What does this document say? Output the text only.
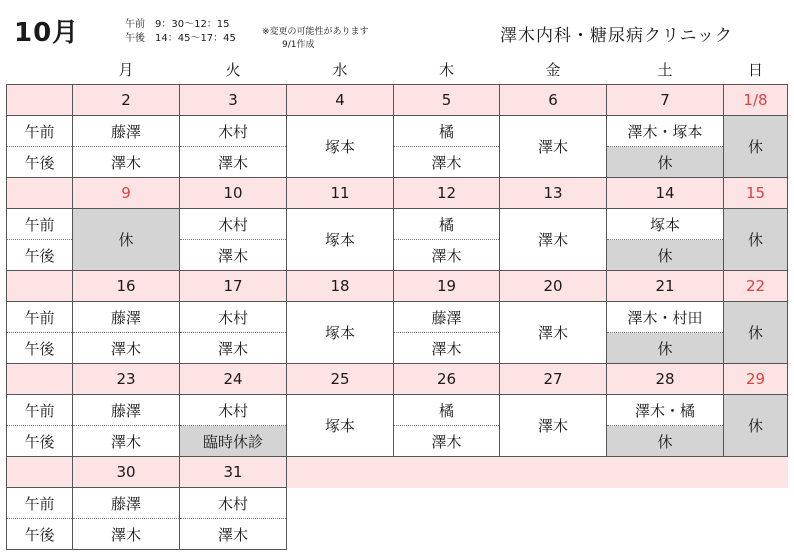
10月	午前　9：30～12：15
午後　14：45～17：45
※変更の可能性があります
9/1作成	澤木内科・糖尿病クリニック
	月	火	水	木	金	土	日
	2	3	4	5	6	7	1/8
午前	藤澤	木村	塚本	橘	澤木	澤木・塚本	休
午後	澤木	澤木		澤木		休	
	9	10	11	12	13	14	15
午前	休	木村	塚本	橘	澤木	塚本	休
午後		澤木		澤木		休	
	16	17	18	19	20	21	22
午前	藤澤	木村	塚本	藤澤	澤木	澤木・村田	休
午後	澤木	澤木		澤木		休	
	23	24	25	26	27	28	29
午前	藤澤	木村	塚本	橘	澤木	澤木・橘	休
午後	澤木	臨時休診		澤木		休	
	30	31					
午前	藤澤	木村					
午後	澤木	澤木					
